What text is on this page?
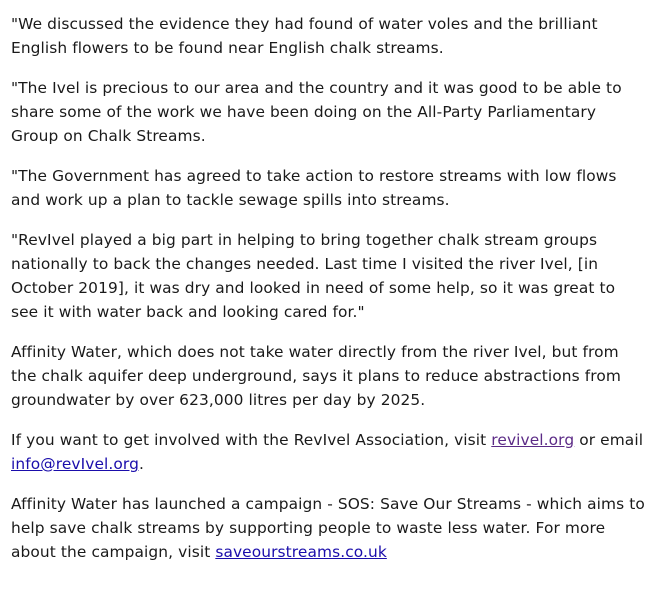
"We discussed the evidence they had found of water voles and the brilliant English flowers to be found near English chalk streams.

"The Ivel is precious to our area and the country and it was good to be able to share some of the work we have been doing on the All-Party Parliamentary Group on Chalk Streams.

"The Government has agreed to take action to restore streams with low flows and work up a plan to tackle sewage spills into streams.

"RevIvel played a big part in helping to bring together chalk stream groups nationally to back the changes needed. Last time I visited the river Ivel, [in October 2019], it was dry and looked in need of some help, so it was great to see it with water back and looking cared for."

Affinity Water, which does not take water directly from the river Ivel, but from the chalk aquifer deep underground, says it plans to reduce abstractions from groundwater by over 623,000 litres per day by 2025.

If you want to get involved with the RevIvel Association, visit revivel.org or email info@revIvel.org.

Affinity Water has launched a campaign - SOS: Save Our Streams - which aims to help save chalk streams by supporting people to waste less water. For more about the campaign, visit saveourstreams.co.uk
